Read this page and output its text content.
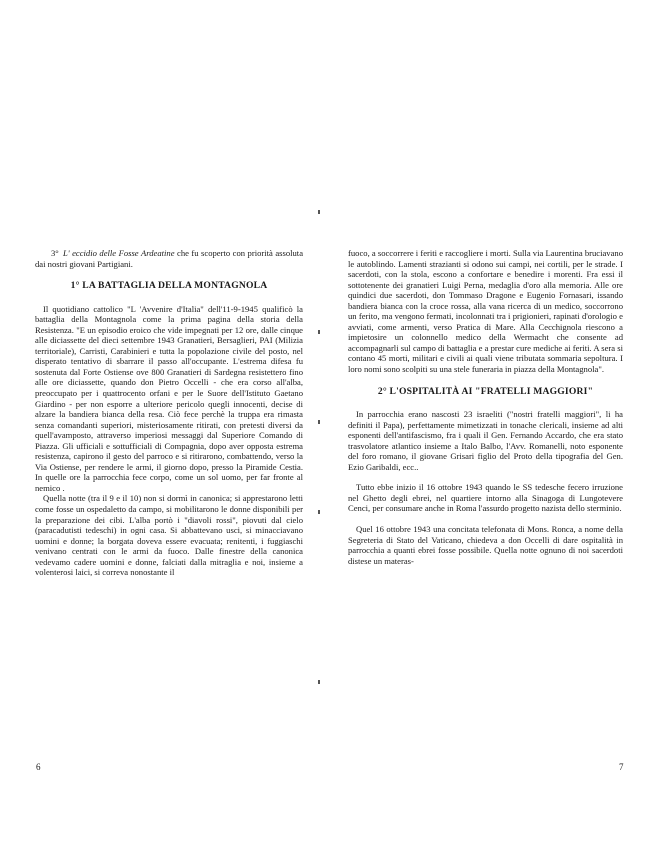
3° L' eccidio delle Fosse Ardeatine che fu scoperto con priorità assoluta dai nostri giovani Partigiani.

1° LA BATTAGLIA DELLA MONTAGNOLA

Il quotidiano cattolico "L 'Avvenire d'Italia" dell'11-9-1945 qualificò la battaglia della Montagnola come la prima pagina della storia della Resistenza. "E un episodio eroico che vide impegnati per 12 ore, dalle cinque alle diciassette del dieci settembre 1943 Granatieri, Bersaglieri, PAI (Milizia territoriale), Carristi, Carabinieri e tutta la popolazione civile del posto, nel disperato tentativo di sbarrare il passo all'occupante. L'estrema difesa fu sostenuta dal Forte Ostiense ove 800 Granatieri di Sardegna resistettero fino alle ore diciassette, quando don Pietro Occelli - che era corso all'alba, preoccupato per i quattrocento orfani e per le Suore dell'Istituto Gaetano Giardino - per non esporre a ulteriore pericolo quegli innocenti, decise di alzare la bandiera bianca della resa. Ciò fece perchè la truppa era rimasta senza comandanti superiori, misteriosamente ritirati, con pretesti diversi da quell'avamposto, attraverso imperiosi messaggi dal Superiore Comando di Piazza. Gli ufficiali e sottufficiali di Compagnia, dopo aver opposta estrema resistenza, capirono il gesto del parroco e si ritirarono, combattendo, verso la Via Ostiense, per rendere le armi, il giorno dopo, presso la Piramide Cestia. In quelle ore la parrocchia fece corpo, come un sol uomo, per far fronte al nemico .

Quella notte (tra il 9 e il 10) non si dormì in canonica; si apprestarono letti come fosse un ospedaletto da campo, si mobilitarono le donne disponibili per la preparazione dei cibi. L'alba portò i "diavoli rossi", piovuti dal cielo (paracadutisti tedeschi) in ogni casa. Si abbattevano usci, si minacciavano uomini e donne; la borgata doveva essere evacuata; renitenti, i fuggiaschi venivano centrati con le armi da fuoco. Dalle finestre della canonica vedevamo cadere uomini e donne, falciati dalla mitraglia e noi, insieme a volenterosi laici, si correva nonostante il

6

fuoco, a soccorrere i feriti e raccogliere i morti. Sulla via Laurentina bruciavano le autoblindo. Lamenti strazianti si odono sui campi, nei cortili, per le strade. I sacerdoti, con la stola, escono a confortare e benedire i morenti. Fra essi il sottotenente dei granatieri Luigi Perna, medaglia d'oro alla memoria. Alle ore quindici due sacerdoti, don Tommaso Dragone e Eugenio Fornasari, issando bandiera bianca con la croce rossa, alla vana ricerca di un medico, soccorrono un ferito, ma vengono fermati, incolonnati tra i prigionieri, rapinati d'orologio e avviati, come armenti, verso Pratica di Mare. Alla Cecchignola riescono a impietosire un colonnello medico della Wermacht che consente ad accompagnarli sul campo di battaglia e a prestar cure mediche ai feriti. A sera si contano 45 morti, militari e civili ai quali viene tributata sommaria sepoltura. I loro nomi sono scolpiti su una stele funeraria in piazza della Montagnola".

2° L'OSPITALITÀ AI "FRATELLI MAGGIORI"

In parrocchia erano nascosti 23 israeliti ("nostri fratelli maggiori", li ha definiti il Papa), perfettamente mimetizzati in tonache clericali, insieme ad alti esponenti dell'antifascismo, fra i quali il Gen. Fernando Accardo, che era stato trasvolatore atlantico insieme a Italo Balbo, l'Avv. Romanelli, noto esponente del foro romano, il giovane Grisari figlio del Proto della tipografia del Gen. Ezio Garibaldi, ecc..

Tutto ebbe inizio il 16 ottobre 1943 quando le SS tedesche fecero irruzione nel Ghetto degli ebrei, nel quartiere intorno alla Sinagoga di Lungotevere Cenci, per consumare anche in Roma l'assurdo progetto nazista dello sterminio.

Quel 16 ottobre 1943 una concitata telefonata di Mons. Ronca, a nome della Segreteria di Stato del Vaticano, chiedeva a don Occelli di dare ospitalità in parrocchia a quanti ebrei fosse possibile. Quella notte ognuno di noi sacerdoti distese un materas-

7
